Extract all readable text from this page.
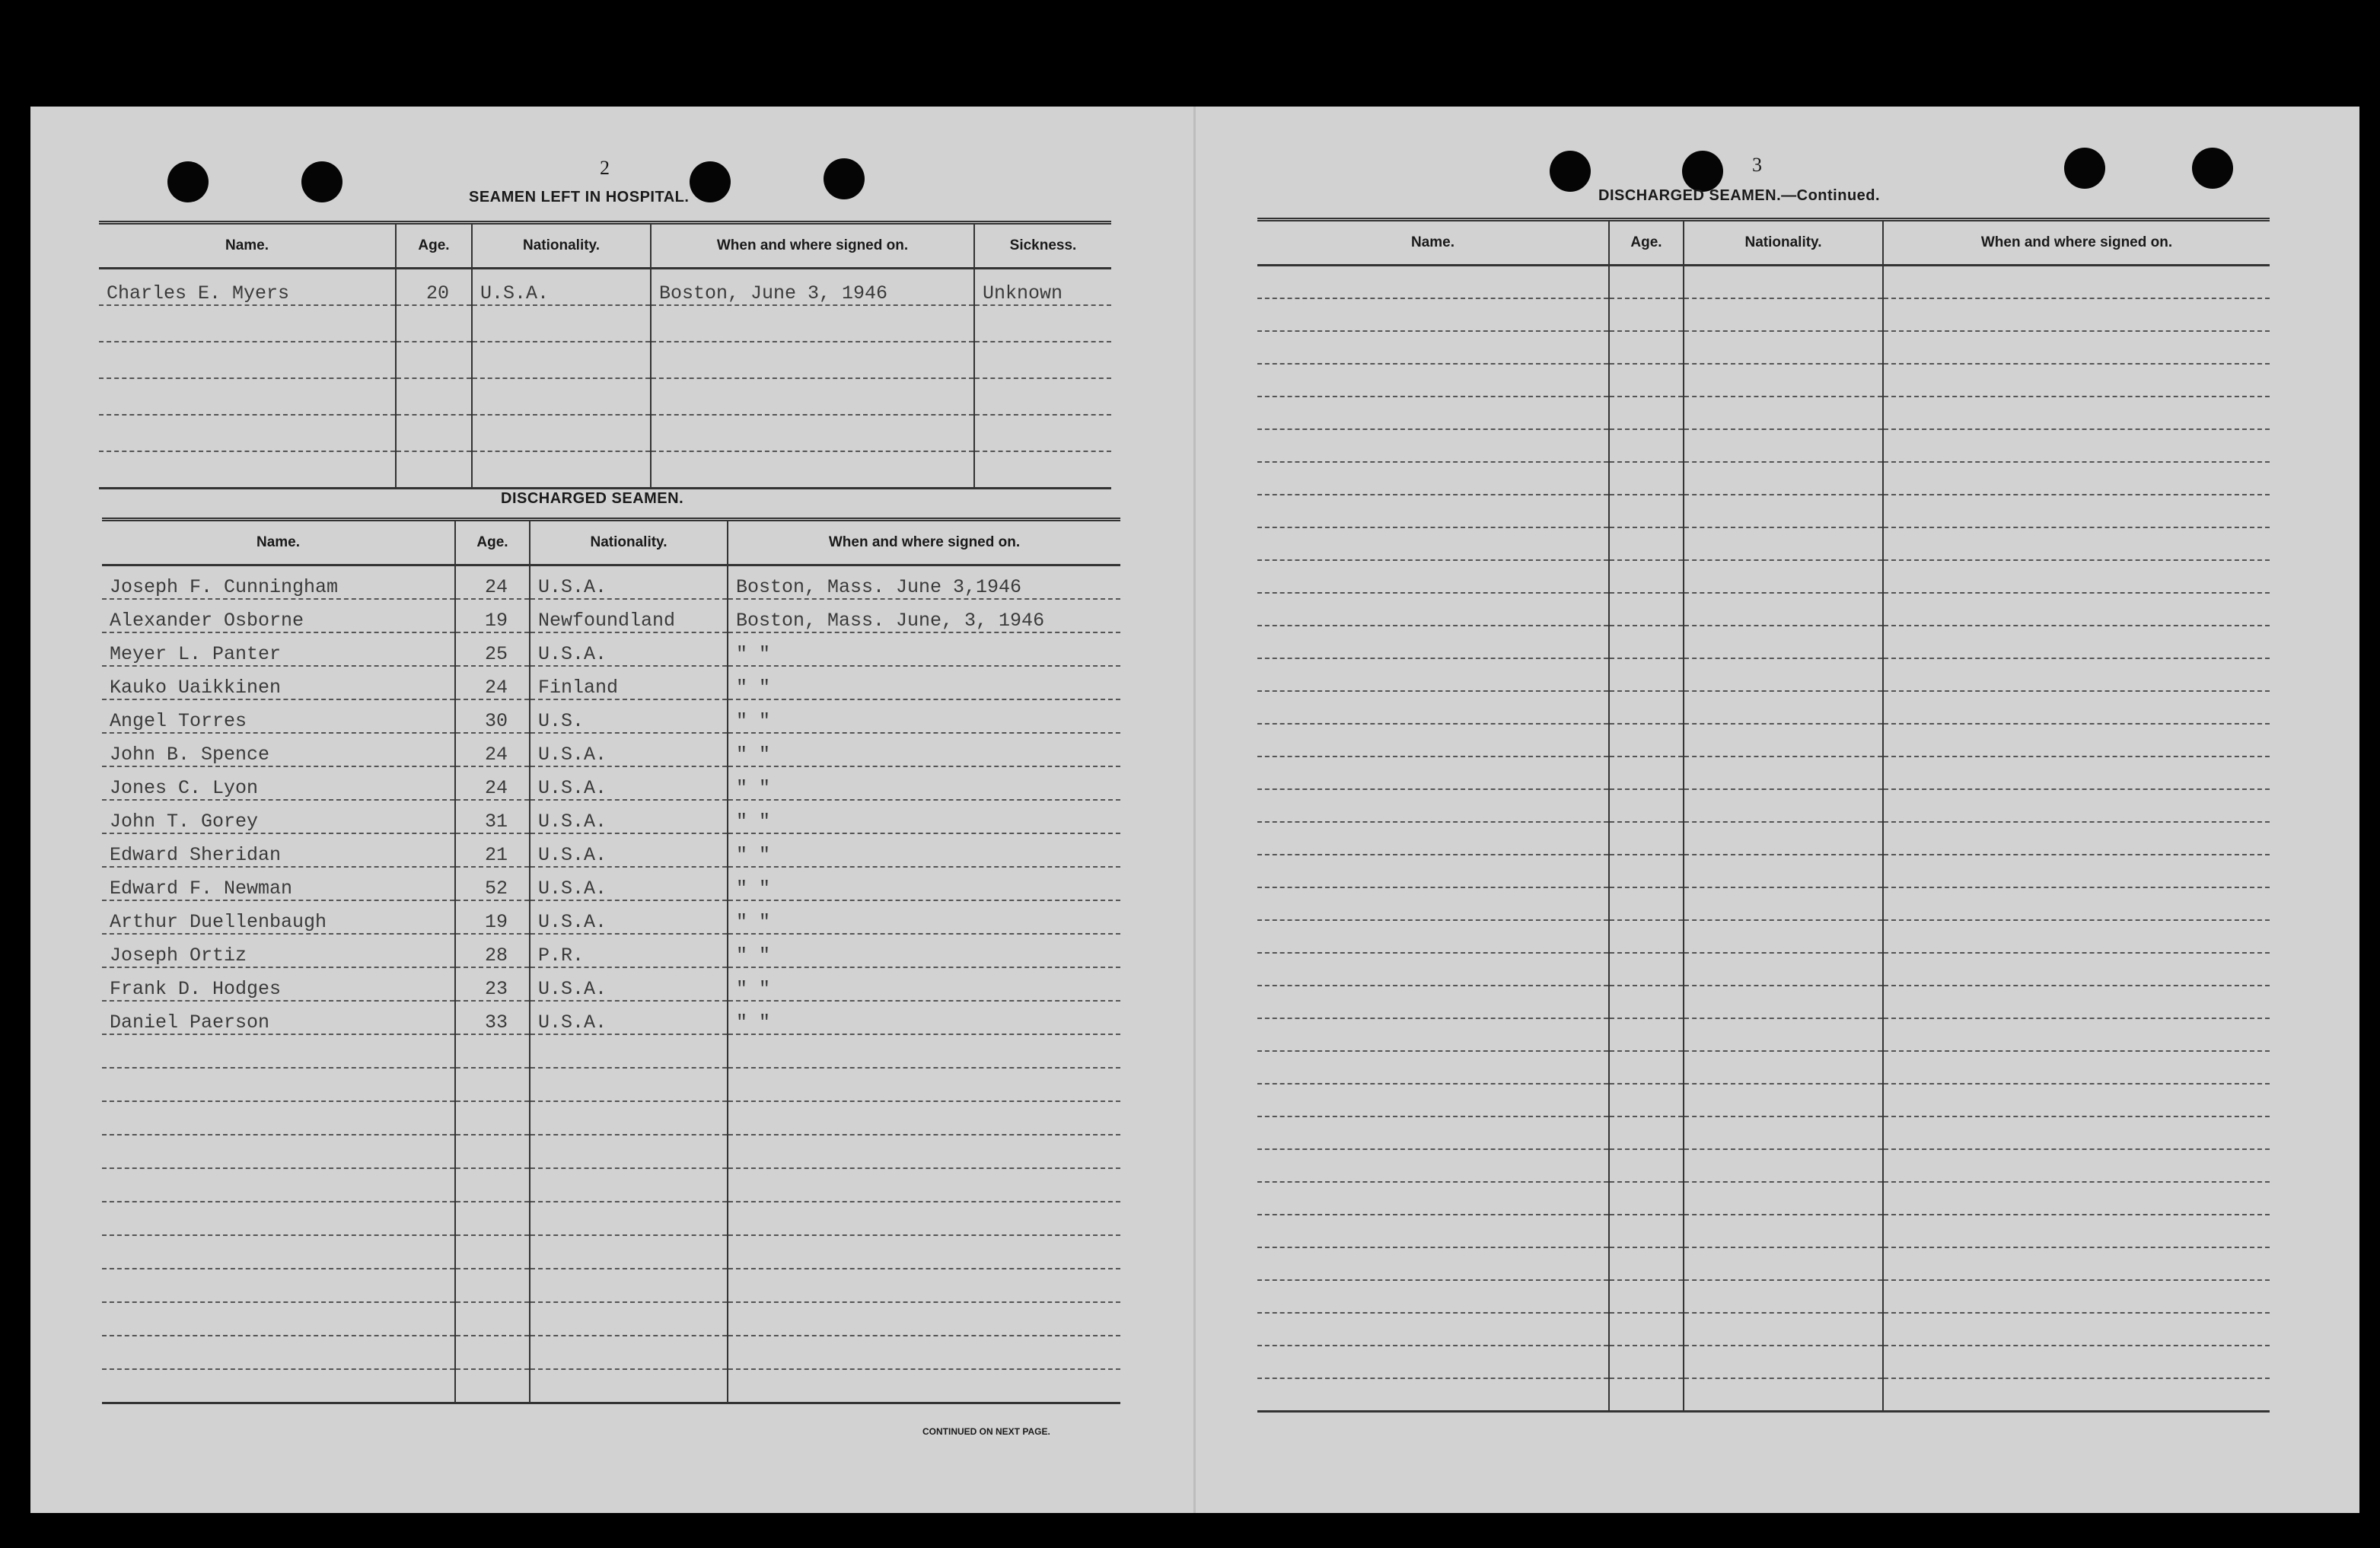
2
SEAMEN LEFT IN HOSPITAL.
Name.	Age.	Nationality.	When and where signed on.	Sickness.
Charles E. Myers	20	U.S.A.	Boston, June 3, 1946	Unknown

DISCHARGED SEAMEN.
Name.	Age.	Nationality.	When and where signed on.
Joseph F. Cunningham	24	U.S.A.	Boston, Mass. June 3,1946
Alexander Osborne	19	Newfoundland	Boston, Mass. June, 3, 1946
Meyer L. Panter	25	U.S.A.	" "
Kauko Uaikkinen	24	Finland	" "
Angel Torres	30	U.S.	" "
John B. Spence	24	U.S.A.	" "
Jones C. Lyon	24	U.S.A.	" "
John T. Gorey	31	U.S.A.	" "
Edward Sheridan	21	U.S.A.	" "
Edward F. Newman	52	U.S.A.	" "
Arthur Duellenbaugh	19	U.S.A.	" "
Joseph Ortiz	28	P.R.	" "
Frank D. Hodges	23	U.S.A.	" "
Daniel Paerson	33	U.S.A.	" "

CONTINUED ON NEXT PAGE.
3
DISCHARGED SEAMEN.—Continued.
Name.	Age.	Nationality.	When and where signed on.
